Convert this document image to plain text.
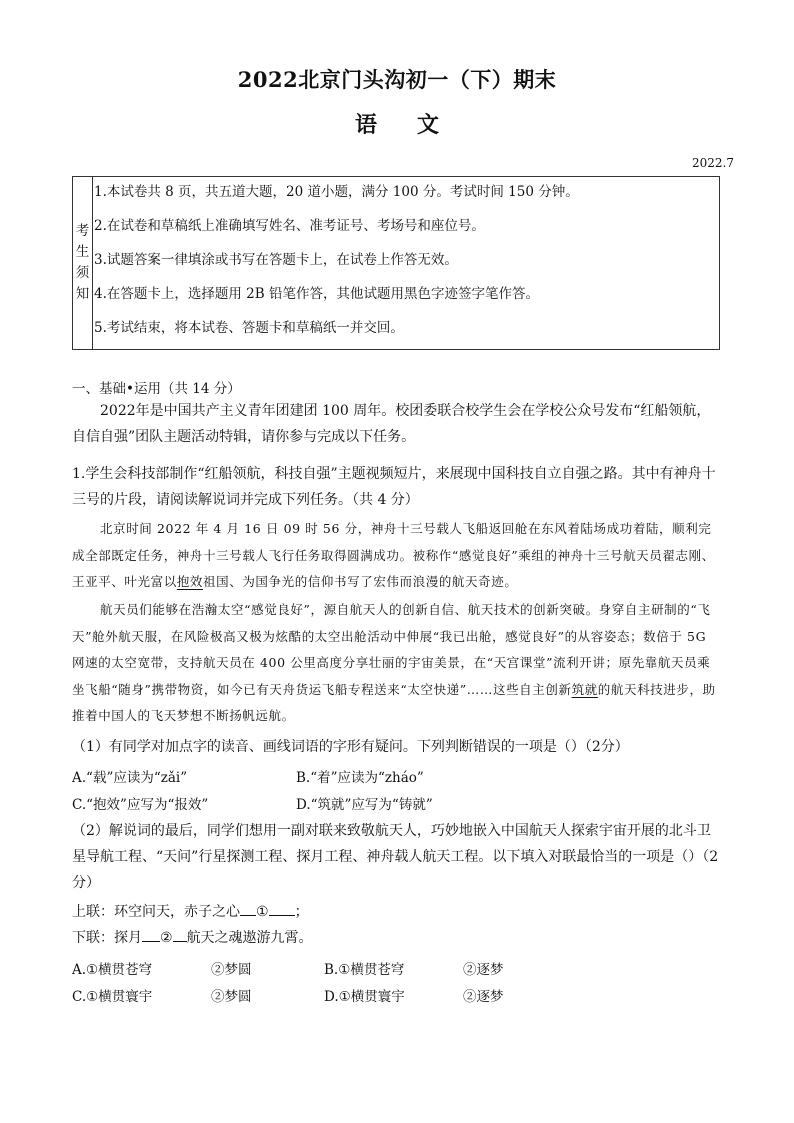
2022北京门头沟初一（下）期末
语文
2022.7
考
生
须
知
1.本试卷共 8 页，共五道大题，20 道小题，满分 100 分。考试时间 150 分钟。
2.在试卷和草稿纸上准确填写姓名、准考证号、考场号和座位号。
3.试题答案一律填涂或书写在答题卡上，在试卷上作答无效。
4.在答题卡上，选择题用 2B 铅笔作答，其他试题用黑色字迹签字笔作答。
5.考试结束，将本试卷、答题卡和草稿纸一并交回。
一、基础•运用（共 14 分）
2022年是中国共产主义青年团建团 100 周年。校团委联合校学生会在学校公众号发布“红船领航，自信自强”团队主题活动特辑，请你参与完成以下任务。
1.学生会科技部制作“红船领航，科技自强”主题视频短片，来展现中国科技自立自强之路。其中有神舟十三号的片段，请阅读解说词并完成下列任务。（共 4 分）
北京时间 2022 年 4 月 16 日 09 时 56 分，神舟十三号载人飞船返回舱在东风着陆场成功着陆，顺利完成全部既定任务，神舟十三号载人飞行任务取得圆满成功。被称作“感觉良好”乘组的神舟十三号航天员翟志刚、王亚平、叶光富以抱效祖国、为国争光的信仰书写了宏伟而浪漫的航天奇迹。
航天员们能够在浩瀚太空“感觉良好”，源自航天人的创新自信、航天技术的创新突破。身穿自主研制的“飞天”舱外航天服，在风险极高又极为炫酷的太空出舱活动中伸展“我已出舱，感觉良好”的从容姿态；数倍于 5G 网速的太空宽带，支持航天员在 400 公里高度分享壮丽的宇宙美景，在“天宫课堂”流利开讲；原先靠航天员乘坐飞船“随身”携带物资，如今已有天舟货运飞船专程送来“太空快递”……这些自主创新筑就的航天科技进步，助推着中国人的飞天梦想不断扬帆远航。
（1）有同学对加点字的读音、画线词语的字形有疑问。下列判断错误的一项是（）（2分）
A.“载”应读为“zǎi”	B.“着”应读为“zháo”
C.“抱效”应写为“报效”	D.“筑就”应写为“铸就”
（2）解说词的最后，同学们想用一副对联来致敬航天人，巧妙地嵌入中国航天人探索宇宙开展的北斗卫星导航工程、“天问”行星探测工程、探月工程、神舟载人航天工程。以下填入对联最恰当的一项是（）（2分）
上联：环空问天，赤子之心 ① ；
下联：探月 ② 航天之魂遨游九霄。
A.①横贯苍穹	②梦圆	B.①横贯苍穹	②逐梦
C.①横贯寰宇	②梦圆	D.①横贯寰宇	②逐梦
